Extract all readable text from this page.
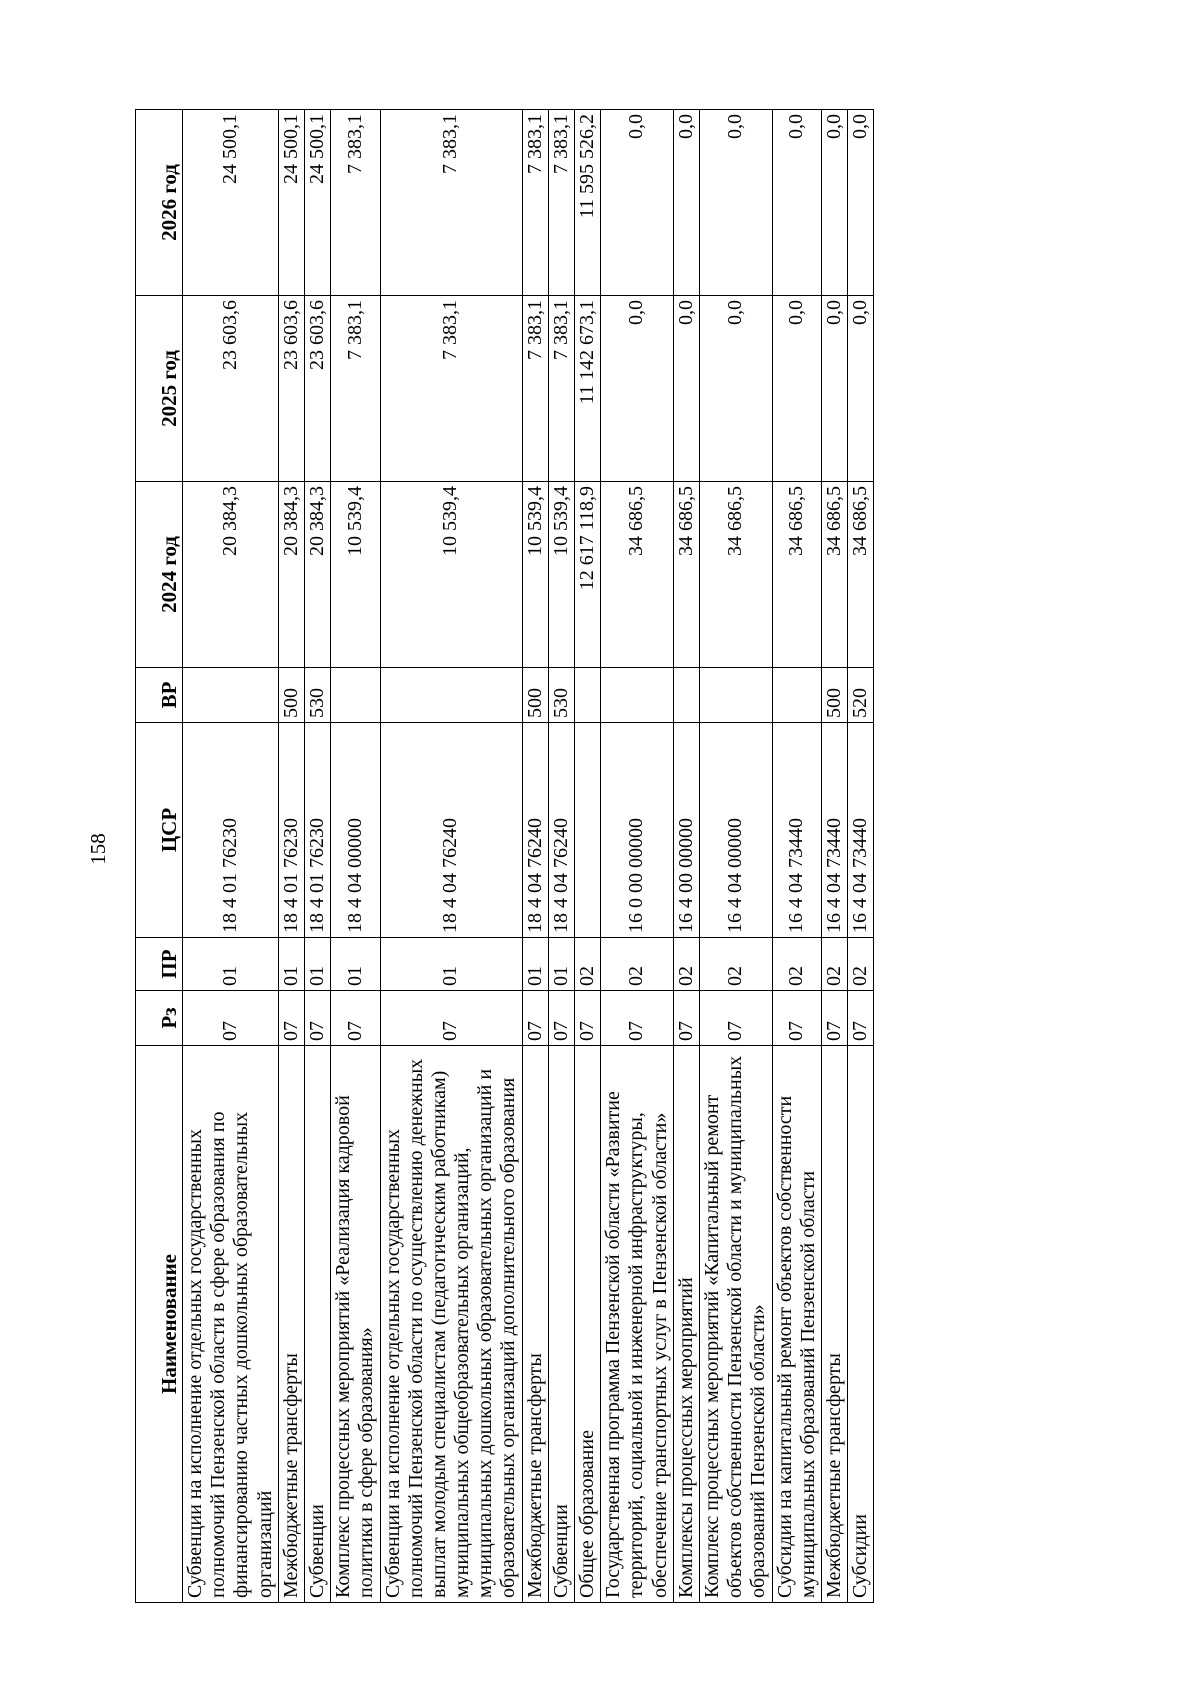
158
Наименование	Рз	ПР	ЦСР	ВР	2024 год	2025 год	2026 год
Субвенции на исполнение отдельных государственных полномочий Пензенской области в сфере образования по финансированию частных дошкольных образовательных организаций	07	01	18 4 01 76230		20 384,3	23 603,6	24 500,1
Межбюджетные трансферты	07	01	18 4 01 76230	500	20 384,3	23 603,6	24 500,1
Субвенции	07	01	18 4 01 76230	530	20 384,3	23 603,6	24 500,1
Комплекс процессных мероприятий «Реализация кадровой политики в сфере образования»	07	01	18 4 04 00000		10 539,4	7 383,1	7 383,1
Субвенции на исполнение отдельных государственных полномочий Пензенской области по осуществлению денежных выплат молодым специалистам (педагогическим работникам) муниципальных общеобразовательных организаций, муниципальных дошкольных образовательных организаций и образовательных организаций дополнительного образования	07	01	18 4 04 76240		10 539,4	7 383,1	7 383,1
Межбюджетные трансферты	07	01	18 4 04 76240	500	10 539,4	7 383,1	7 383,1
Субвенции	07	01	18 4 04 76240	530	10 539,4	7 383,1	7 383,1
Общее образование	07	02			12 617 118,9	11 142 673,1	11 595 526,2
Государственная программа Пензенской области «Развитие территорий, социальной и инженерной инфраструктуры, обеспечение транспортных услуг в Пензенской области»	07	02	16 0 00 00000		34 686,5	0,0	0,0
Комплексы процессных мероприятий	07	02	16 4 00 00000		34 686,5	0,0	0,0
Комплекс процессных мероприятий «Капитальный ремонт объектов собственности Пензенской области и муниципальных образований Пензенской области»	07	02	16 4 04 00000		34 686,5	0,0	0,0
Субсидии на капитальный ремонт объектов собственности муниципальных образований Пензенской области	07	02	16 4 04 73440		34 686,5	0,0	0,0
Межбюджетные трансферты	07	02	16 4 04 73440	500	34 686,5	0,0	0,0
Субсидии	07	02	16 4 04 73440	520	34 686,5	0,0	0,0
